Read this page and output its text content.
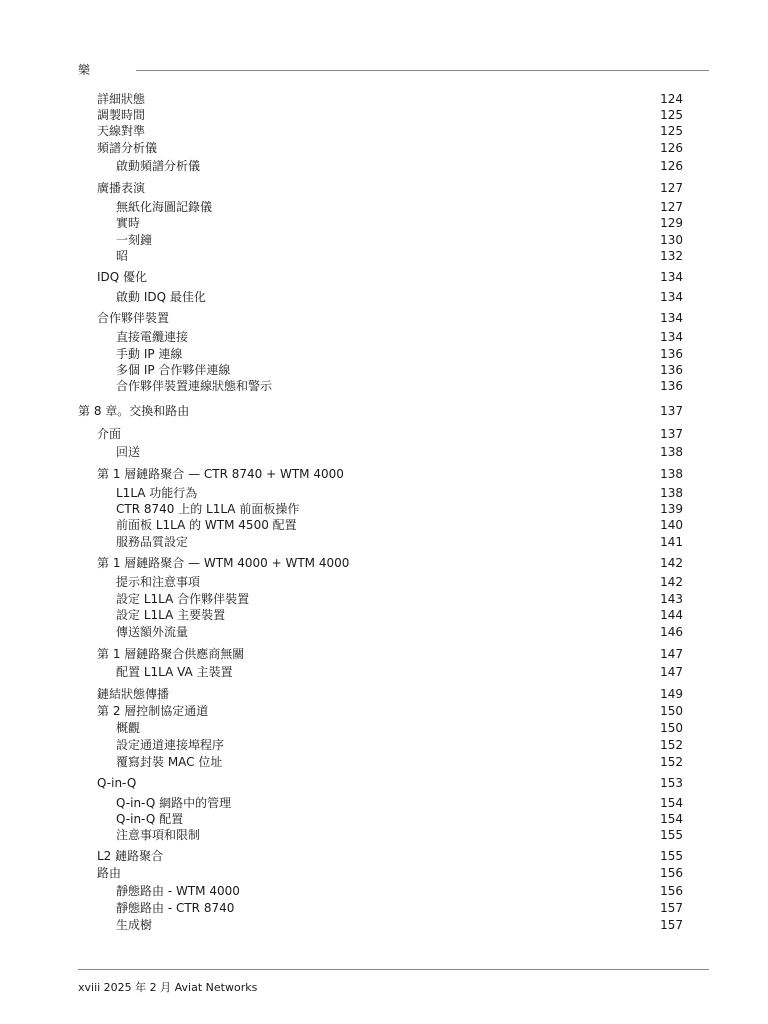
樂
詳細狀態	124
調製時間	125
天線對準	125
頻譜分析儀	126
啟動頻譜分析儀	126
廣播表演	127
無紙化海圖記錄儀	127
實時	129
一刻鐘	130
昭	132
IDQ 優化	134
啟動 IDQ 最佳化	134
合作夥伴裝置	134
直接電纜連接	134
手動 IP 連線	136
多個 IP 合作夥伴連線	136
合作夥伴裝置連線狀態和警示	136
第 8 章。交換和路由	137
介面	137
回送	138
第 1 層鏈路聚合 — CTR 8740 + WTM 4000	138
L1LA 功能行為	138
CTR 8740 上的 L1LA 前面板操作	139
前面板 L1LA 的 WTM 4500 配置	140
服務品質設定	141
第 1 層鏈路聚合 — WTM 4000 + WTM 4000	142
提示和注意事項	142
設定 L1LA 合作夥伴裝置	143
設定 L1LA 主要裝置	144
傳送額外流量	146
第 1 層鏈路聚合供應商無關	147
配置 L1LA VA 主裝置	147
鏈結狀態傳播	149
第 2 層控制協定通道	150
概觀	150
設定通道連接埠程序	152
覆寫封裝 MAC 位址	152
Q-in-Q	153
Q-in-Q 網路中的管理	154
Q-in-Q 配置	154
注意事項和限制	155
L2 鏈路聚合	155
路由	156
靜態路由 - WTM 4000	156
靜態路由 - CTR 8740	157
生成樹	157
xviii 2025 年 2 月 Aviat Networks
